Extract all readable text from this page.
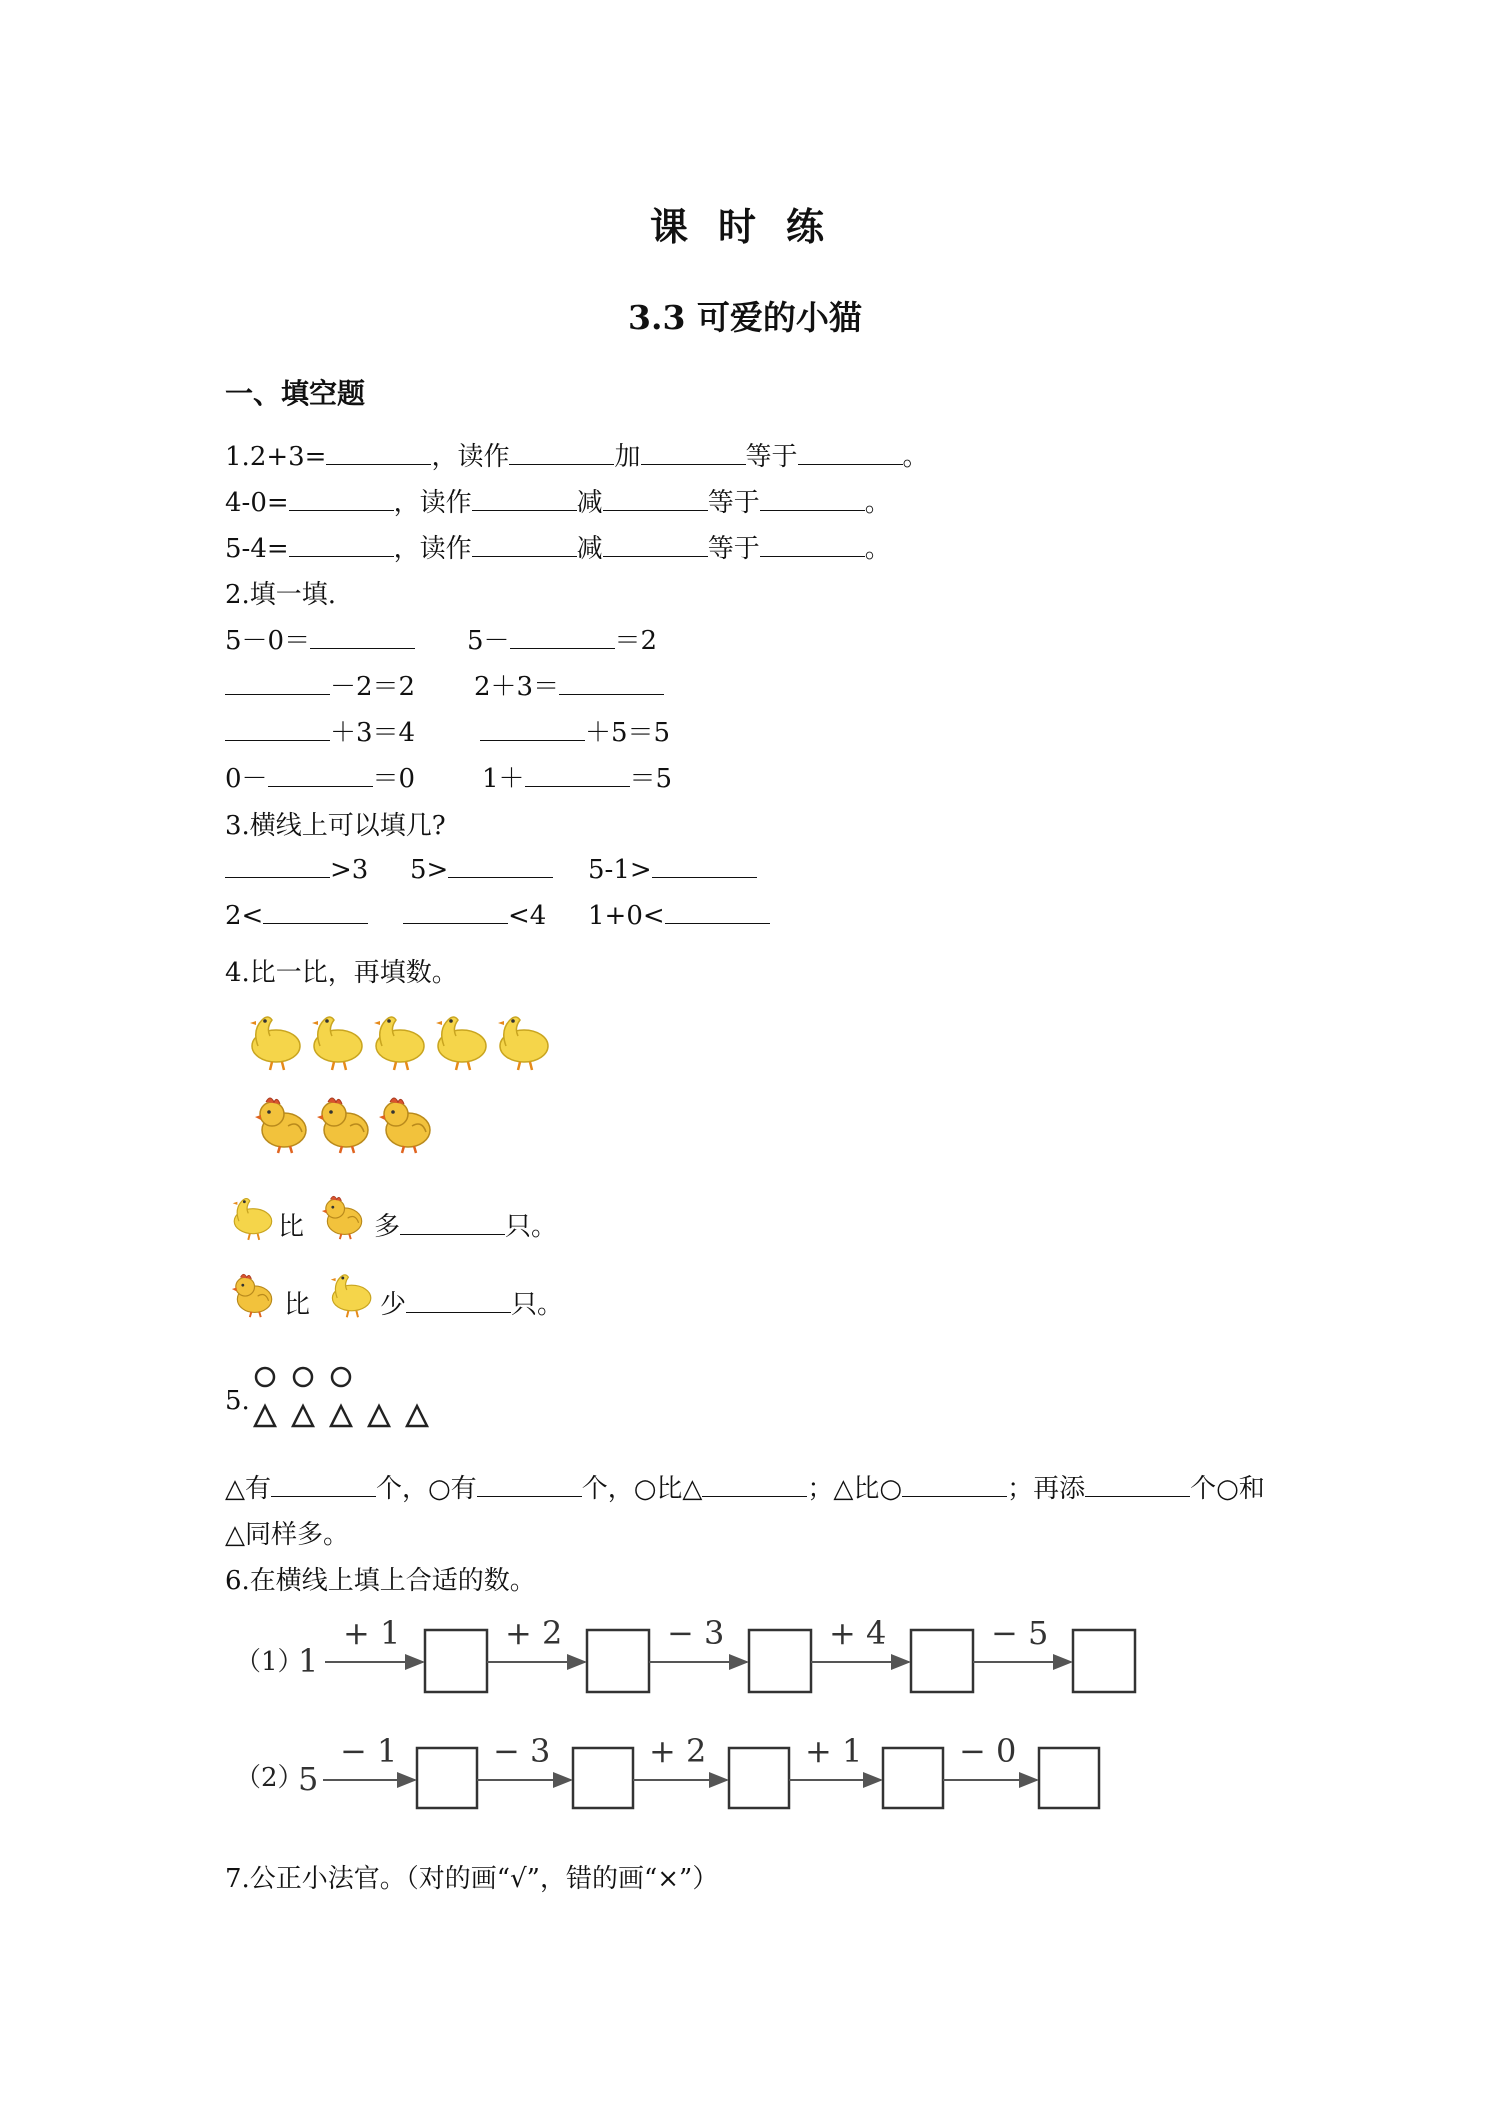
课时练
3.3 可爱的小猫
一、填空题
1.2+3=	，读作	加	等于	。
4-0=	，读作	减	等于	。
5-4=	，读作	减	等于	。
2.填一填.
5－0＝	5－	＝2
－2＝2 2＋3＝
＋3＝4	＋5＝5
0－	＝0	1＋	＝5
3.横线上可以填几?
>3 5>	5-1>
2<	<4 1+0<
4.比一比，再填数。
比	多	只。
比	少	只。
5.
△有	个，○有	个，○比△	；△比○	；再添	个○和
△同样多。
6.在横线上填上合适的数。
（1）
1
+ 1	+ 2	− 3	+ 4	− 5
（2）
5
− 1	− 3	+ 2	+ 1	− 0
7.公正小法官。（对的画“√”，错的画“×”）
